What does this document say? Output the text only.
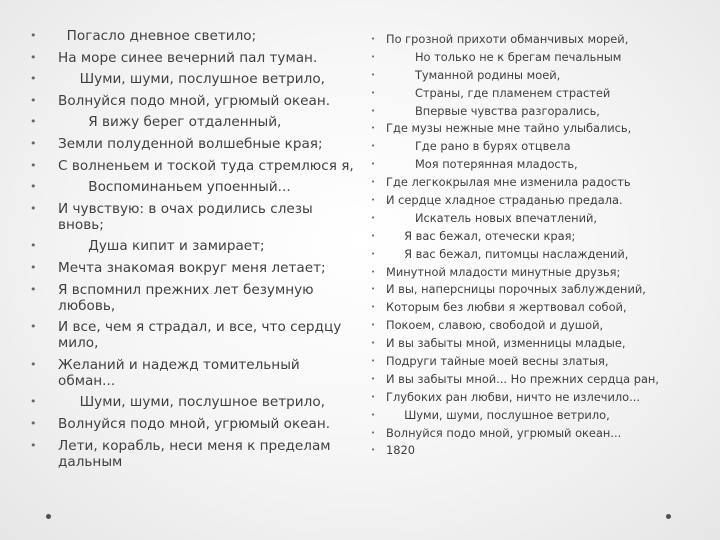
•   Погасло дневное светило;
• На море синее вечерний пал туман.
•      Шуми, шуми, послушное ветрило,
• Волнуйся подо мной, угрюмый океан.
•        Я вижу берег отдаленный,
• Земли полуденной волшебные края;
• С волненьем и тоской туда стремлюся я,
•        Воспоминаньем упоенный...
• И чувствую: в очах родились слезы вновь;
•        Душа кипит и замирает;
• Мечта знакомая вокруг меня летает;
• Я вспомнил прежних лет безумную любовь,
• И все, чем я страдал, и все, что сердцу мило,
• Желаний и надежд томительный обман...
•      Шуми, шуми, послушное ветрило,
• Волнуйся подо мной, угрюмый океан.
• Лети, корабль, неси меня к пределам дальным
• По грозной прихоти обманчивых морей,
•         Но только не к брегам печальным
•         Туманной родины моей,
•         Страны, где пламенем страстей
•         Впервые чувства разгорались,
• Где музы нежные мне тайно улыбались,
•         Где рано в бурях отцвела
•         Моя потерянная младость,
• Где легкокрылая мне изменила радость
• И сердце хладное страданью предала.
•         Искатель новых впечатлений,
•      Я вас бежал, отечески края;
•      Я вас бежал, питомцы наслаждений,
• Минутной младости минутные друзья;
• И вы, наперсницы порочных заблуждений,
• Которым без любви я жертвовал собой,
• Покоем, славою, свободой и душой,
• И вы забыты мной, изменницы младые,
• Подруги тайные моей весны златыя,
• И вы забыты мной... Но прежних сердца ран,
• Глубоких ран любви, ничто не излечило...
•      Шуми, шуми, послушное ветрило,
• Волнуйся подо мной, угрюмый океан...
• 1820
